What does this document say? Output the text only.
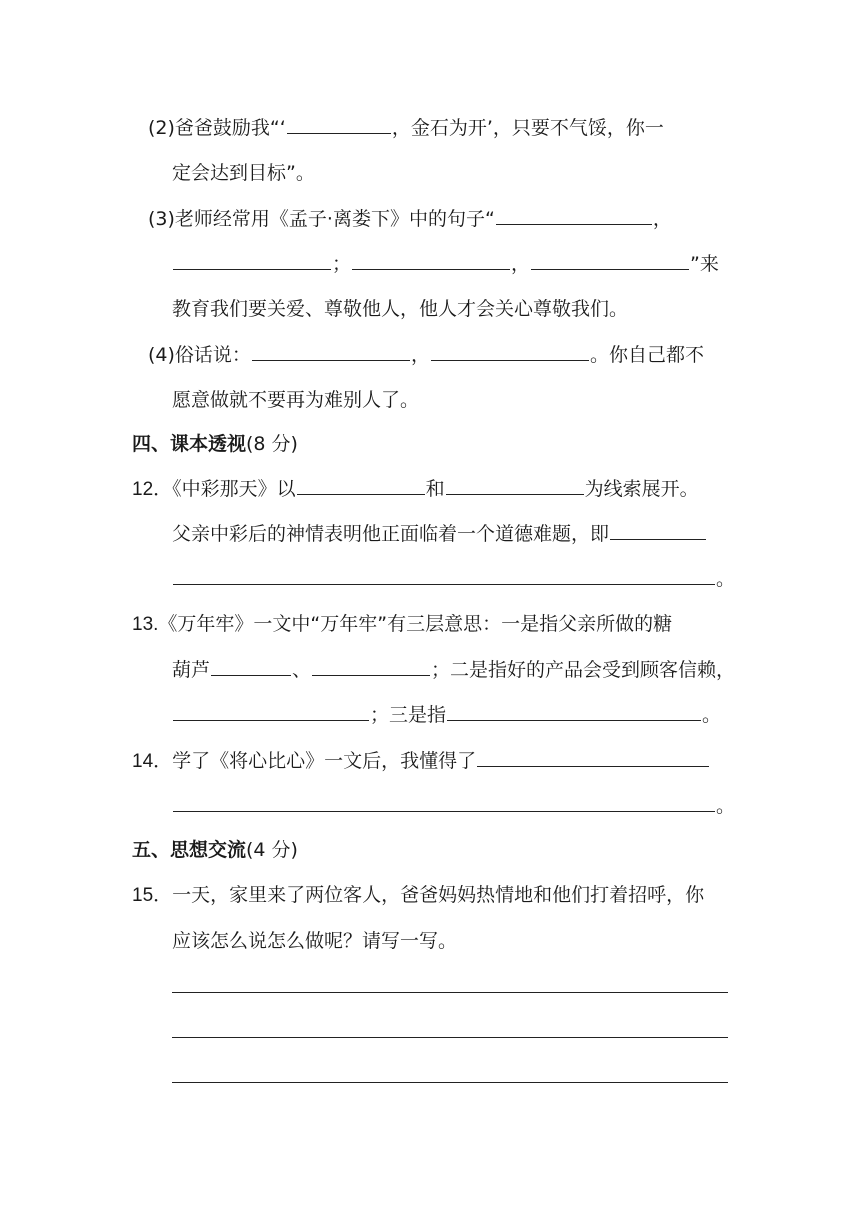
(2)爸爸鼓励我“‘	，金石为开’，只要不气馁，你一
定会达到目标”。
(3)老师经常用《孟子·离娄下》中的句子“	，
；	，	”来
教育我们要关爱、尊敬他人，他人才会关心尊敬我们。
(4)俗话说：	，	。你自己都不
愿意做就不要再为难别人了。
四、课本透视(8 分)
12．《中彩那天》以	和	为线索展开。
父亲中彩后的神情表明他正面临着一个道德难题，即
。
13.《万年牢》一文中“万年牢”有三层意思：一是指父亲所做的糖
葫芦	、	；二是指好的产品会受到顾客信赖，
；三是指	。
14．学了《将心比心》一文后，我懂得了
。
五、思想交流(4 分)
15．一天，家里来了两位客人，爸爸妈妈热情地和他们打着招呼，你
应该怎么说怎么做呢？请写一写。
